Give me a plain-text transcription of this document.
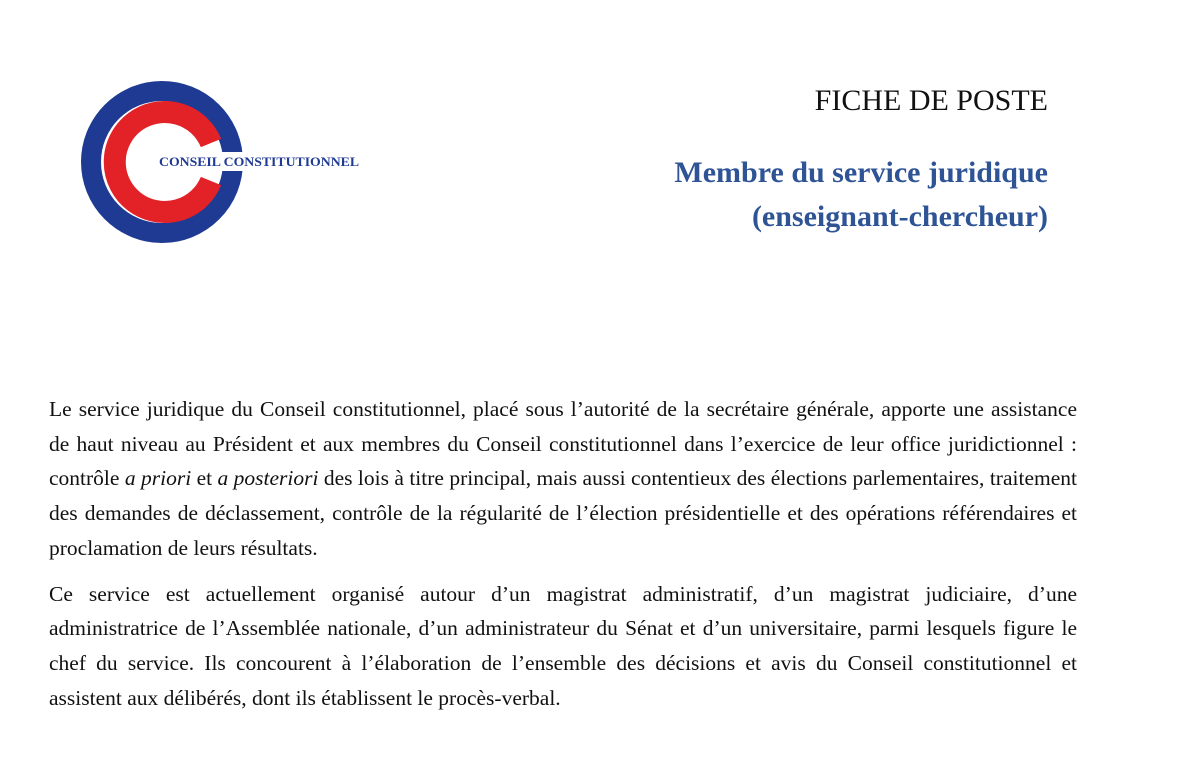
CONSEIL CONSTITUTIONNEL
FICHE DE POSTE
Membre du service juridique
(enseignant-chercheur)

Le service juridique du Conseil constitutionnel, placé sous l’autorité de la secrétaire générale, apporte une assistance de haut niveau au Président et aux membres du Conseil constitutionnel dans l’exercice de leur office juridictionnel : contrôle a priori et a posteriori des lois à titre principal, mais aussi contentieux des élections parlementaires, traitement des demandes de déclassement, contrôle de la régularité de l’élection présidentielle et des opérations référendaires et proclamation de leurs résultats.

Ce service est actuellement organisé autour d’un magistrat administratif, d’un magistrat judiciaire, d’une administratrice de l’Assemblée nationale, d’un administrateur du Sénat et d’un universitaire, parmi lesquels figure le chef du service. Ils concourent à l’élaboration de l’ensemble des décisions et avis du Conseil constitutionnel et assistent aux délibérés, dont ils établissent le procès-verbal.
